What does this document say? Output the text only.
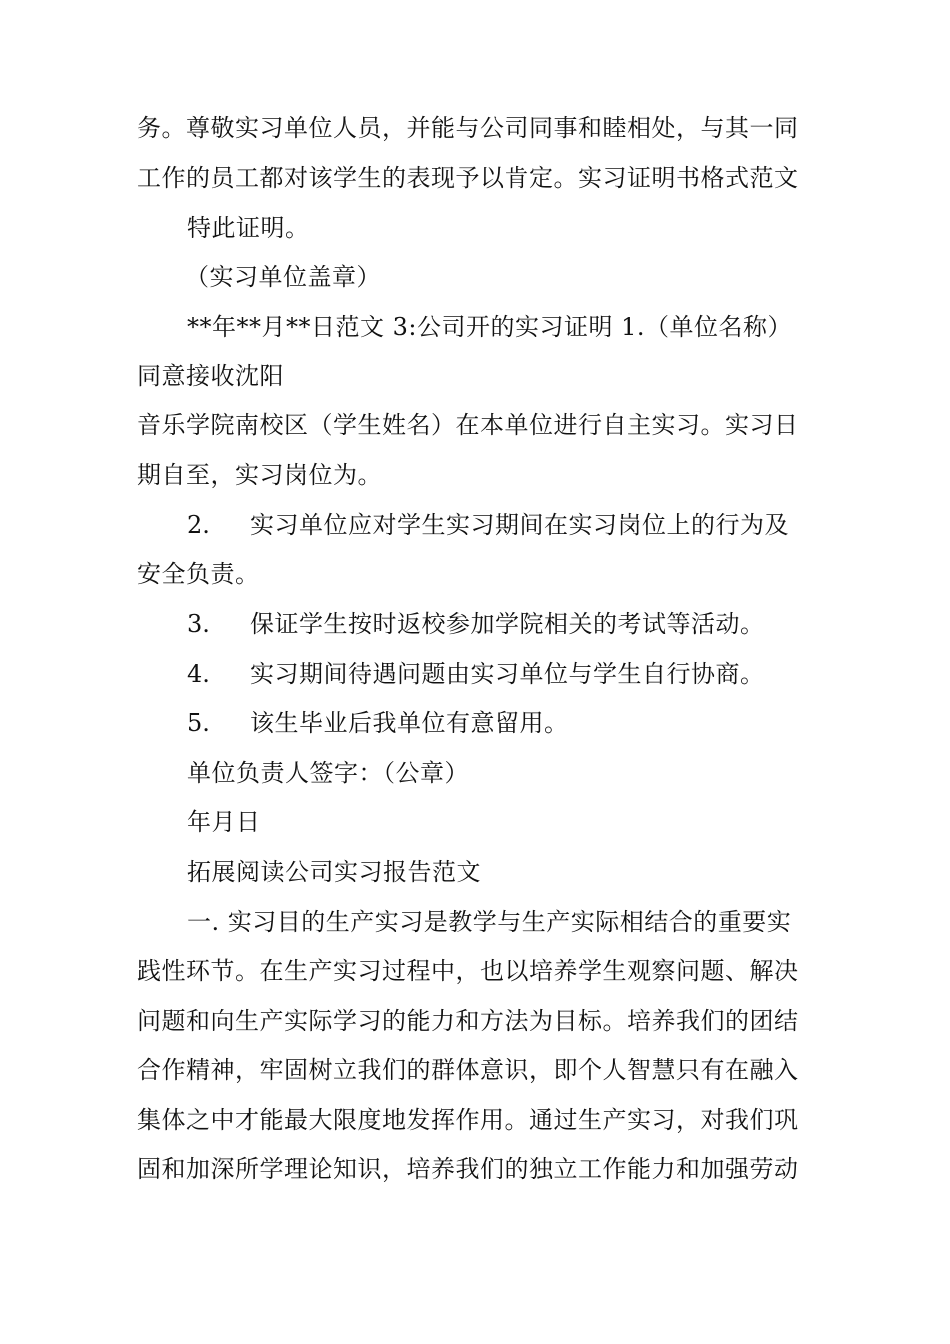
务。尊敬实习单位人员，并能与公司同事和睦相处，与其一同
工作的员工都对该学生的表现予以肯定。实习证明书格式范文
特此证明。
（实习单位盖章）
**年**月**日范文 3:公司开的实习证明 1.（单位名称）
同意接收沈阳
音乐学院南校区（学生姓名）在本单位进行自主实习。实习日
期自至，实习岗位为。
2. 实习单位应对学生实习期间在实习岗位上的行为及
安全负责。
3. 保证学生按时返校参加学院相关的考试等活动。
4. 实习期间待遇问题由实习单位与学生自行协商。
5. 该生毕业后我单位有意留用。
单位负责人签字：（公章）
年月日
拓展阅读公司实习报告范文
一. 实习目的生产实习是教学与生产实际相结合的重要实
践性环节。在生产实习过程中，也以培养学生观察问题、解决
问题和向生产实际学习的能力和方法为目标。培养我们的团结
合作精神，牢固树立我们的群体意识，即个人智慧只有在融入
集体之中才能最大限度地发挥作用。通过生产实习，对我们巩
固和加深所学理论知识，培养我们的独立工作能力和加强劳动
